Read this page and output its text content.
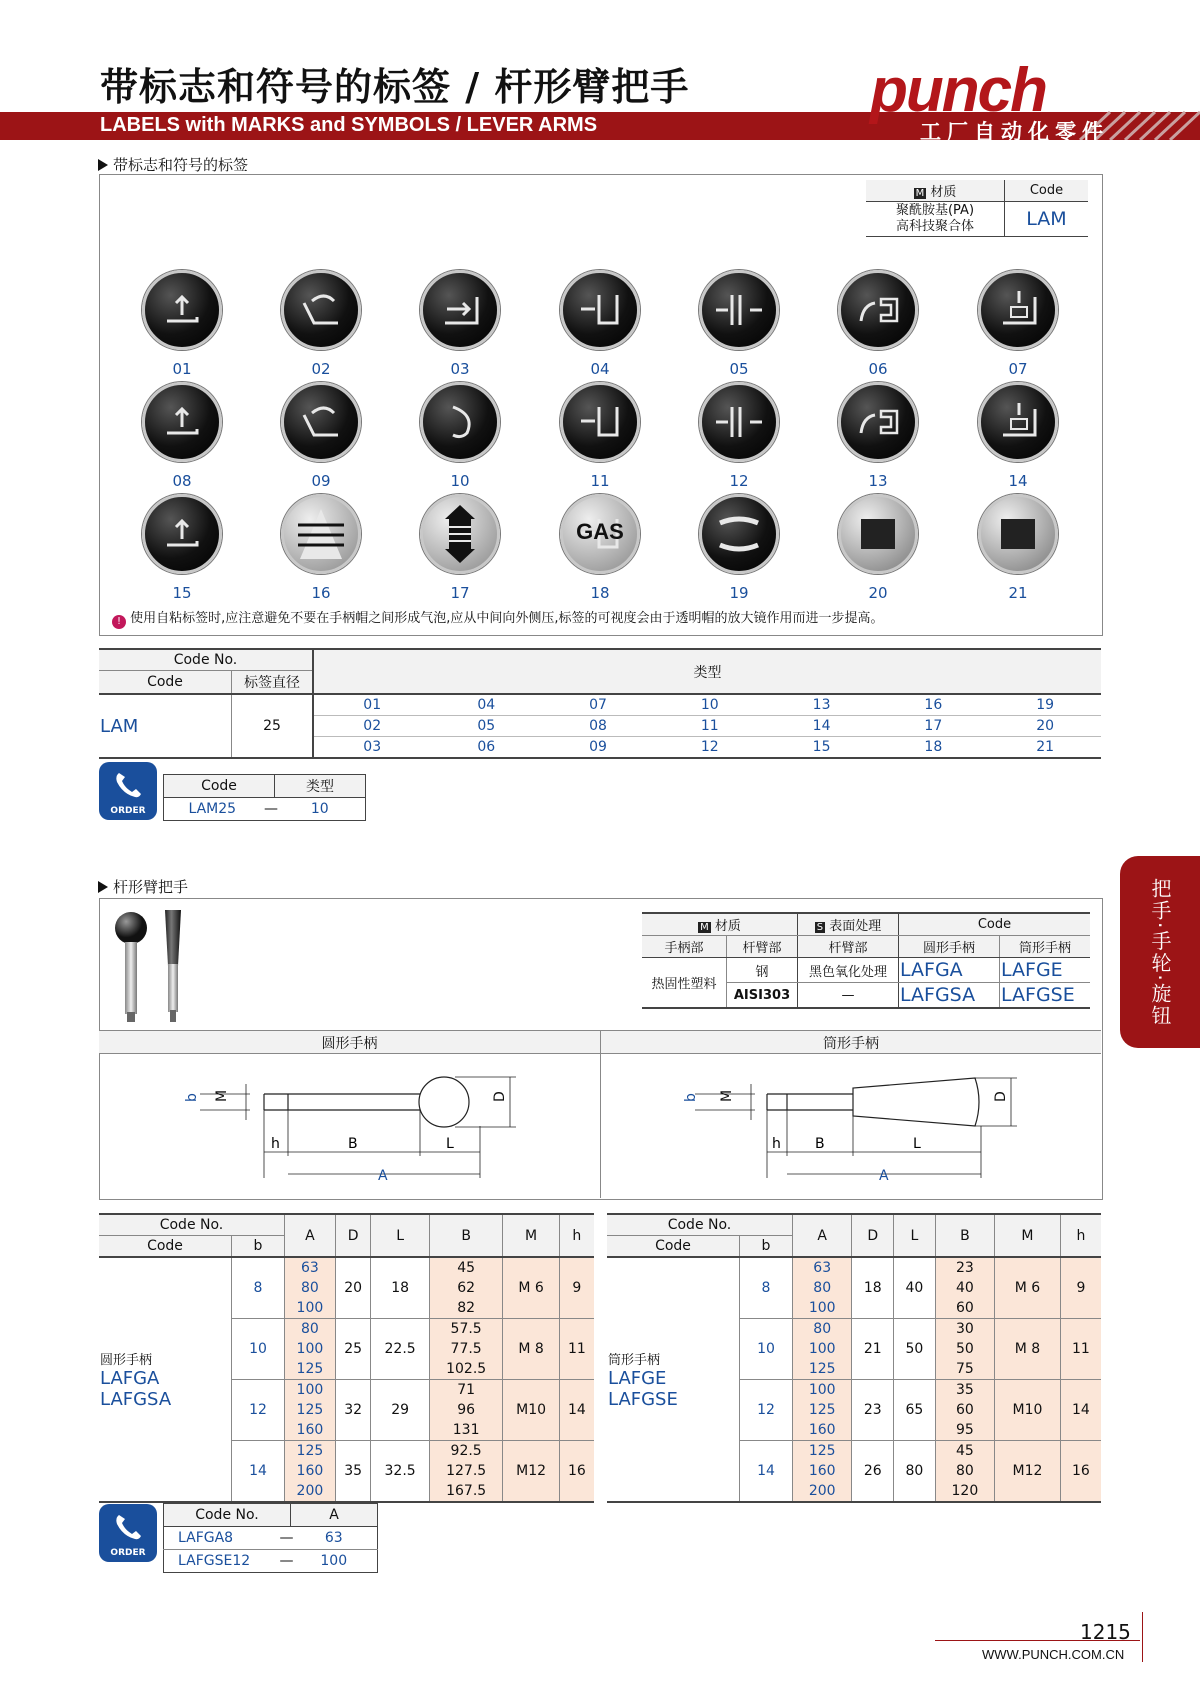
带标志和符号的标签 / 杆形臂把手
LABELS with MARKS and SYMBOLS / LEVER ARMS	punch
工厂自动化零件
带标志和符号的标签
M 材质	Code

聚酰胺基(PA)
高科技聚合体	LAM
01	02	03	04	05	06	07
08	09	10	11	12	13	14
15	16	17
GAS
18	19	20	21
! 使用自粘标签时,应注意避免不要在手柄帽之间形成气泡,应从中间向外侧压,标签的可视度会由于透明帽的放大镜作用而进一步提高。
Code No.		类型						
Code	标签直径							
LAM	25	01	04	07	10	13	16	19
		02	05	08	11	14	17	20
		03	06	09	12	15	18	21
ORDER
Code	类型
LAM25 —	10
杆形臂把手
M 材质		S 表面处理	Code	
手柄部	杆臂部	杆臂部	圆形手柄	筒形手柄
热固性塑料	钢	黑色氧化处理	LAFGA	LAFGE
	AISI303	—	LAFGSA	LAFGSE
圆形手柄	筒形手柄
b M	D
h	B	L
A
b M	D
h B	L
A
把手·手轮·旋钮
Code No.		A	D	L	B	M	h
Code	b						

圆形手柄
LAFGA
LAFGSA	8	63	20	18	45	M 6	9
		80			62		
		100			82		
	10	80	25	22.5	57.5	M 8	11
		100			77.5		
		125			102.5		
	12	100	32	29	71	M10	14
		125			96		
		160			131		
	14	125	35	32.5	92.5	M12	16
		160			127.5		
		200			167.5		
Code No.		A	D	L	B	M	h
Code	b						

筒形手柄
LAFGE
LAFGSE	8	63	18	40	23	M 6	9
		80			40		
		100			60		
	10	80	21	50	30	M 8	11
		100			50		
		125			75		
	12	100	23	65	35	M10	14
		125			60		
		160			95		
	14	125	26	80	45	M12	16
		160			80		
		200			120		
ORDER
Code No.	A
LAFGA8 —	63
LAFGSE12 —	100
1215
WWW.PUNCH.COM.CN
